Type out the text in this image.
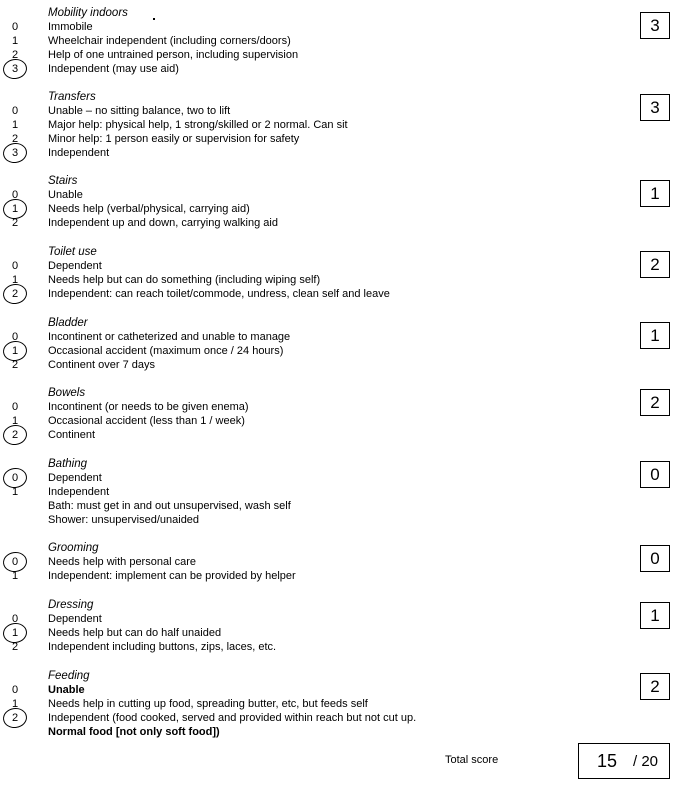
Mobility indoors
0	Immobile
1	Wheelchair independent (including corners/doors)
2	Help of one untrained person, including supervision
3	Independent (may use aid)
3
Transfers
0	Unable – no sitting balance, two to lift
1	Major help: physical help, 1 strong/skilled or 2 normal. Can sit
2	Minor help: 1 person easily or supervision for safety
3	Independent
3
Stairs
0	Unable
1	Needs help (verbal/physical, carrying aid)
2	Independent up and down, carrying walking aid
1
Toilet use
0	Dependent
1	Needs help but can do something (including wiping self)
2	Independent: can reach toilet/commode, undress, clean self and leave
2
Bladder
0	Incontinent or catheterized and unable to manage
1	Occasional accident (maximum once / 24 hours)
2	Continent over 7 days
1
Bowels
0	Incontinent (or needs to be given enema)
1	Occasional accident (less than 1 / week)
2	Continent
2
Bathing
0	Dependent
1	Independent
Bath: must get in and out unsupervised, wash self
Shower: unsupervised/unaided
0
Grooming
0	Needs help with personal care
1	Independent: implement can be provided by helper
0
Dressing
0	Dependent
1	Needs help but can do half unaided
2	Independent including buttons, zips, laces, etc.
1
Feeding
0	Unable
1	Needs help in cutting up food, spreading butter, etc, but feeds self
2	Independent (food cooked, served and provided within reach but not cut up.
Normal food [not only soft food])
2
Total score	15 / 20
